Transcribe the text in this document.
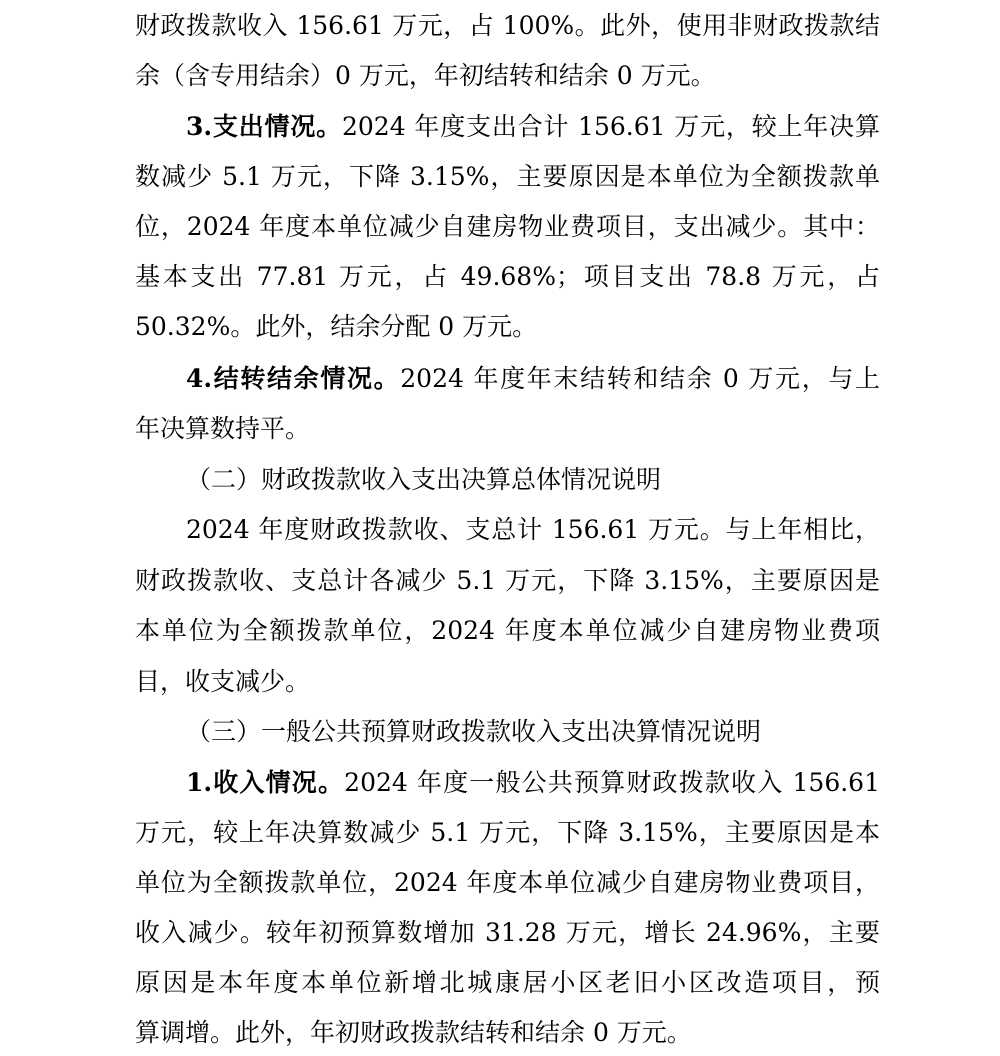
财政拨款收入 156.61 万元，占 100%。此外，使用非财政拨款结
余（含专用结余）0 万元，年初结转和结余 0 万元。
3.支出情况。2024 年度支出合计 156.61 万元，较上年决算
数减少 5.1 万元，下降 3.15%，主要原因是本单位为全额拨款单
位，2024 年度本单位减少自建房物业费项目，支出减少。其中：
基本支出 77.81 万元，占 49.68%；项目支出 78.8 万元，占
50.32%。此外，结余分配 0 万元。
4.结转结余情况。2024 年度年末结转和结余 0 万元，与上
年决算数持平。
（二）财政拨款收入支出决算总体情况说明
2024 年度财政拨款收、支总计 156.61 万元。与上年相比，
财政拨款收、支总计各减少 5.1 万元，下降 3.15%，主要原因是
本单位为全额拨款单位，2024 年度本单位减少自建房物业费项
目，收支减少。
（三）一般公共预算财政拨款收入支出决算情况说明
1.收入情况。2024 年度一般公共预算财政拨款收入 156.61
万元，较上年决算数减少 5.1 万元，下降 3.15%，主要原因是本
单位为全额拨款单位，2024 年度本单位减少自建房物业费项目，
收入减少。较年初预算数增加 31.28 万元，增长 24.96%，主要
原因是本年度本单位新增北城康居小区老旧小区改造项目，预
算调增。此外，年初财政拨款结转和结余 0 万元。
